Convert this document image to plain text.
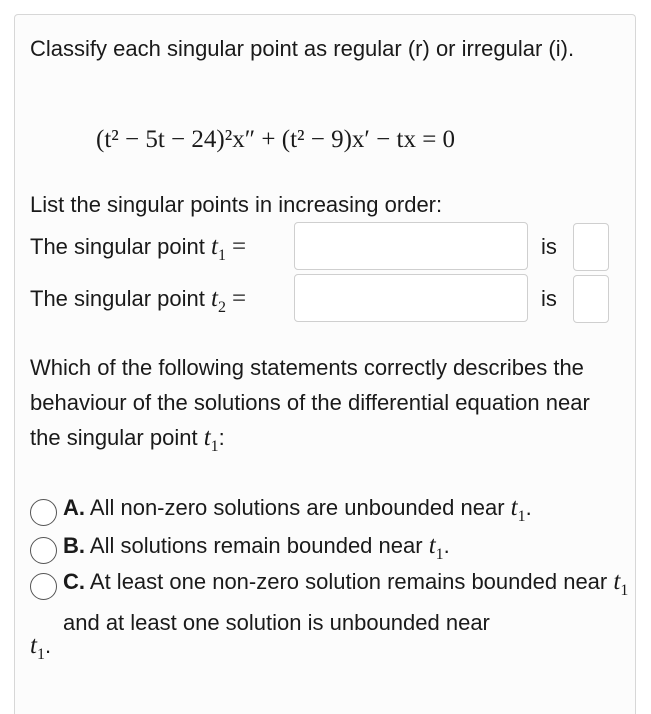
Classify each singular point as regular (r) or irregular (i).
(t² − 5t − 24)²x″ + (t² − 9)x′ − tx = 0
List the singular points in increasing order:
The singular point $t_1$ =	is
The singular point $t_2$ =	is
Which of the following statements correctly describes the behaviour of the solutions of the differential equation near the singular point $t_1$:
A. All non-zero solutions are unbounded near $t_1$.
B. All solutions remain bounded near $t_1$.
C. At least one non-zero solution remains bounded near $t_1$ and at least one solution is unbounded near
$t_1$.
